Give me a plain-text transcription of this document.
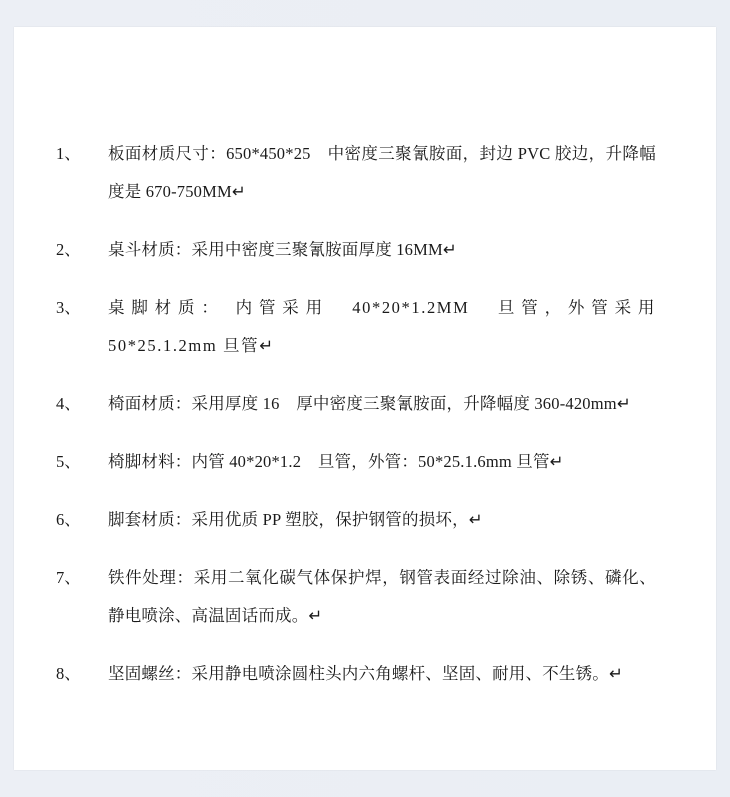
1、	板面材质尺寸：650*450*25　中密度三聚氰胺面，封边 PVC 胶边，升降幅度是 670-750MM↵
2、	桌斗材质：采用中密度三聚氰胺面厚度 16MM↵
3、	桌脚材质： 内管采用　40*20*1.2MM　旦管，外管采用 50*25.1.2mm 旦管↵
4、	椅面材质：采用厚度 16　厚中密度三聚氰胺面，升降幅度 360-420mm↵
5、	椅脚材料：内管 40*20*1.2　旦管，外管：50*25.1.6mm 旦管↵
6、	脚套材质：采用优质 PP 塑胶，保护钢管的损坏，↵
7、	铁件处理：采用二氧化碳气体保护焊，钢管表面经过除油、除锈、磷化、静电喷涂、高温固话而成。↵
8、	坚固螺丝：采用静电喷涂圆柱头内六角螺杆、坚固、耐用、不生锈。↵
